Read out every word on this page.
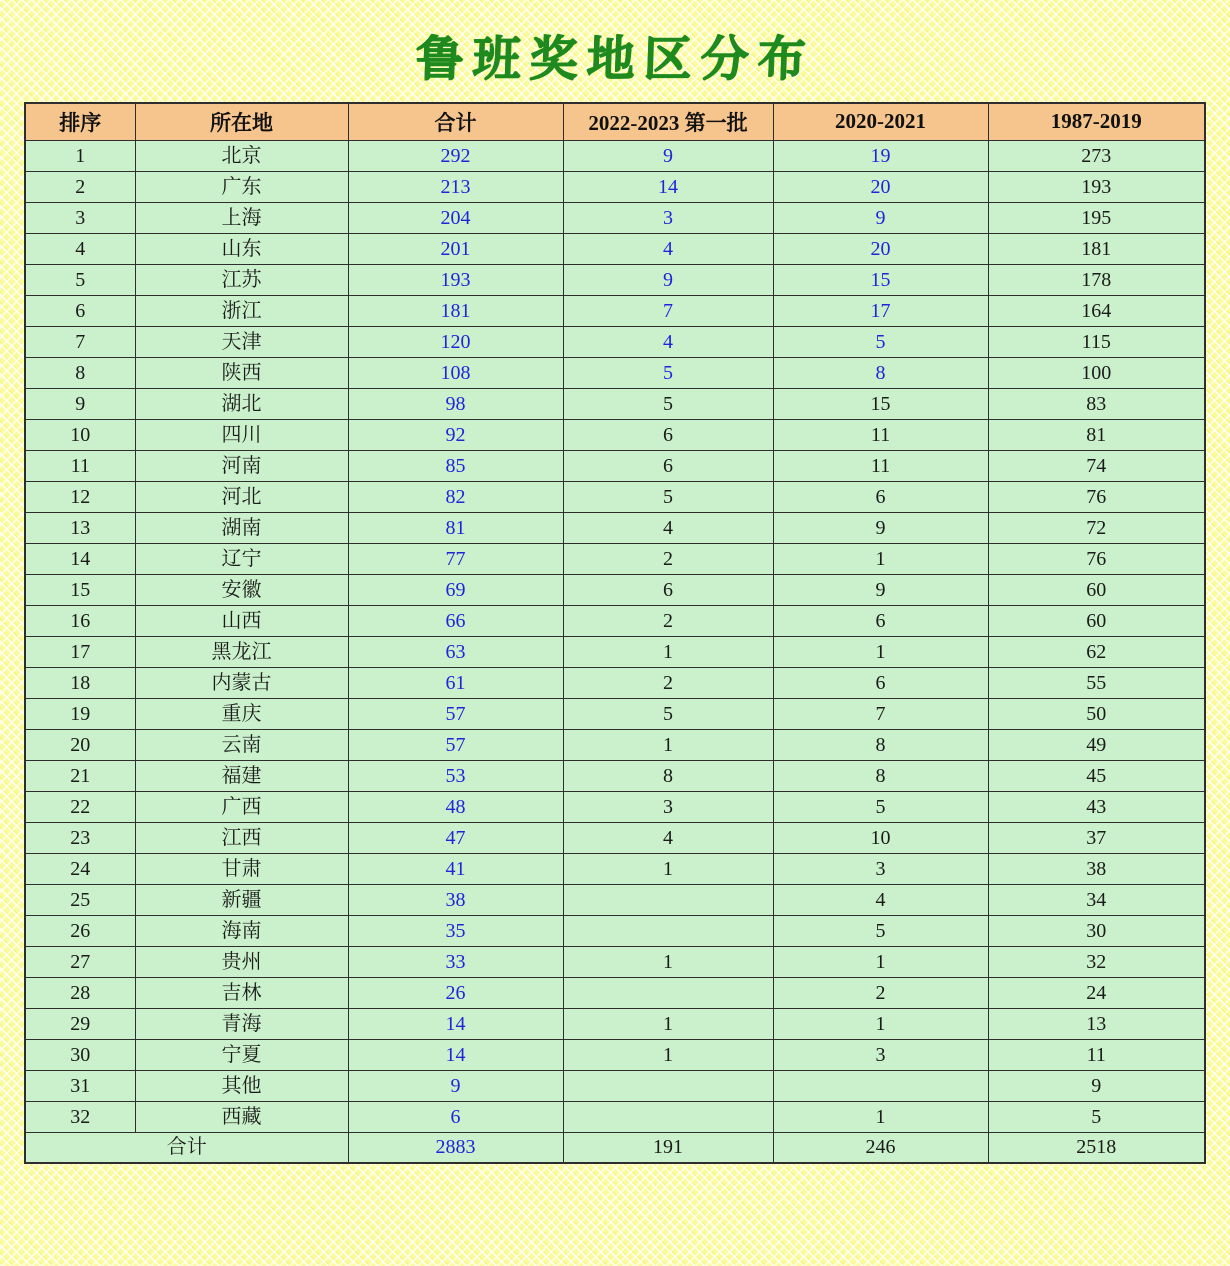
鲁班奖地区分布
排序	所在地	合计	2022-2023 第一批	2020-2021	1987-2019
1	北京	292	9	19	273
2	广东	213	14	20	193
3	上海	204	3	9	195
4	山东	201	4	20	181
5	江苏	193	9	15	178
6	浙江	181	7	17	164
7	天津	120	4	5	115
8	陕西	108	5	8	100
9	湖北	98	5	15	83
10	四川	92	6	11	81
11	河南	85	6	11	74
12	河北	82	5	6	76
13	湖南	81	4	9	72
14	辽宁	77	2	1	76
15	安徽	69	6	9	60
16	山西	66	2	6	60
17	黑龙江	63	1	1	62
18	内蒙古	61	2	6	55
19	重庆	57	5	7	50
20	云南	57	1	8	49
21	福建	53	8	8	45
22	广西	48	3	5	43
23	江西	47	4	10	37
24	甘肃	41	1	3	38
25	新疆	38		4	34
26	海南	35		5	30
27	贵州	33	1	1	32
28	吉林	26		2	24
29	青海	14	1	1	13
30	宁夏	14	1	3	11
31	其他	9			9
32	西藏	6		1	5
合计		2883	191	246	2518
